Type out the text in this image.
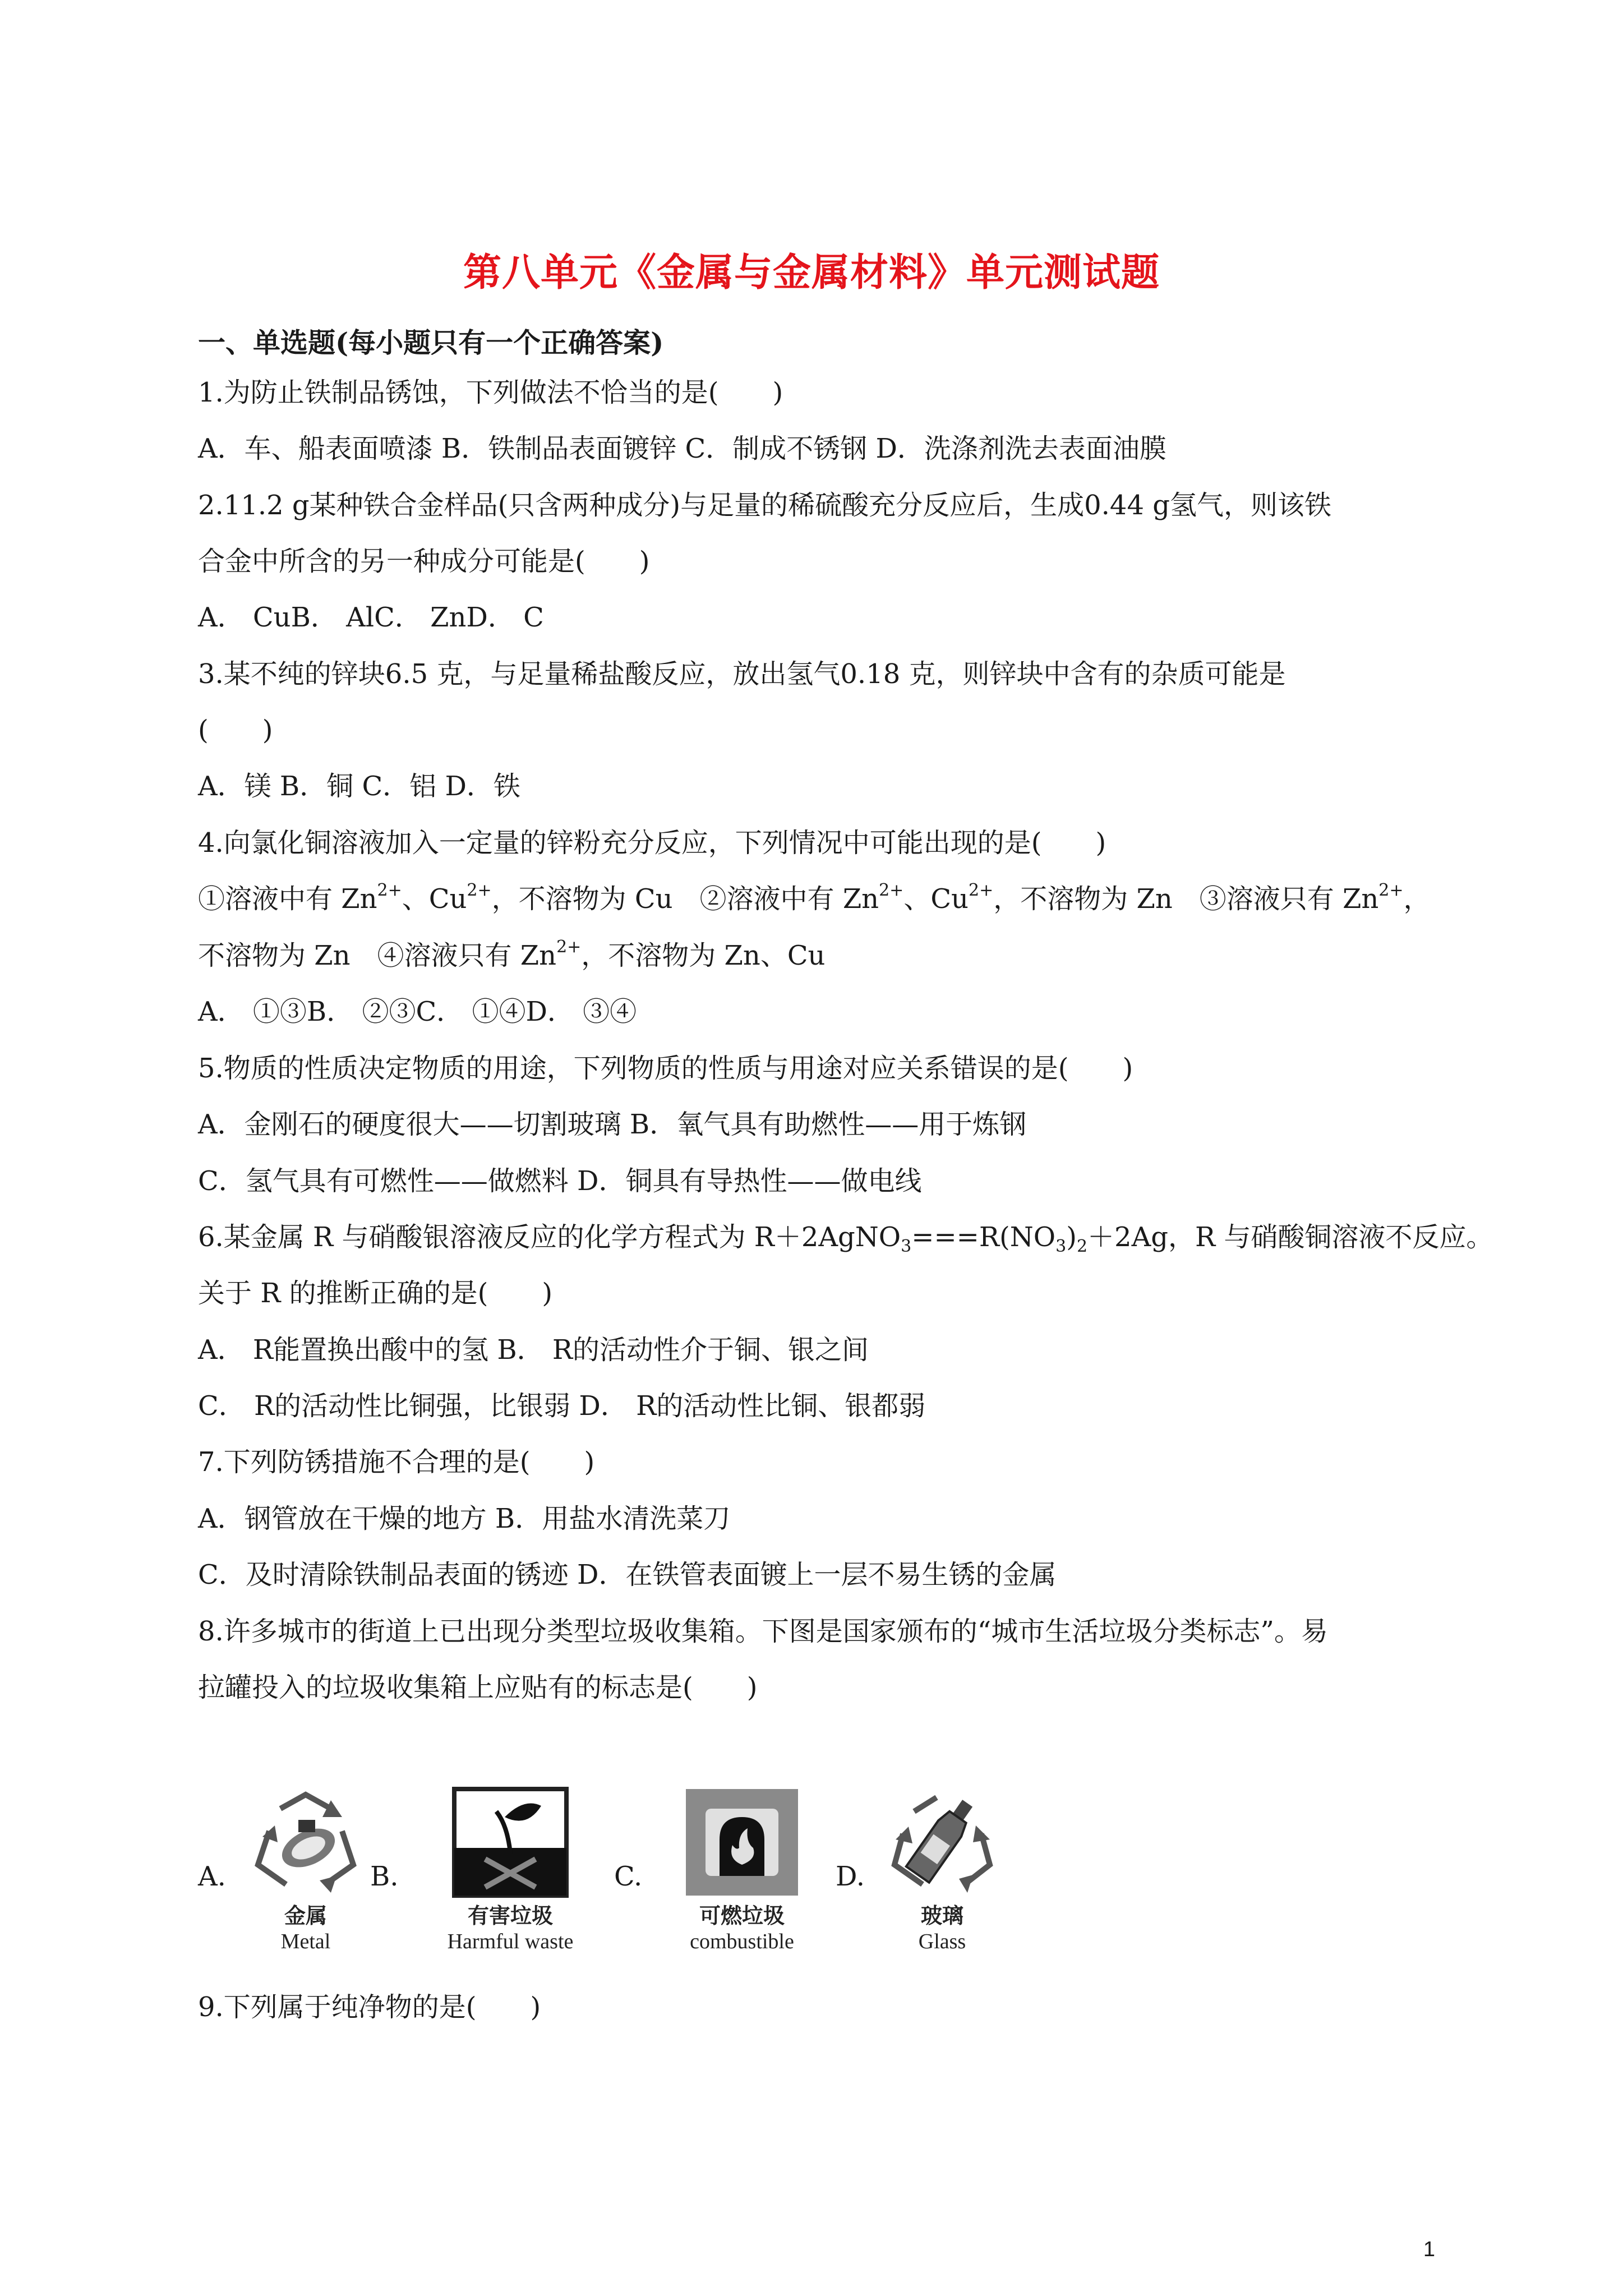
第八单元《金属与金属材料》单元测试题
一、单选题(每小题只有一个正确答案)
1.为防止铁制品锈蚀，下列做法不恰当的是(　　)
A．车、船表面喷漆 B．铁制品表面镀锌 C．制成不锈钢 D．洗涤剂洗去表面油膜
2.11.2 g某种铁合金样品(只含两种成分)与足量的稀硫酸充分反应后，生成0.44 g氢气，则该铁
合金中所含的另一种成分可能是(　　)
A． CuB． AlC． ZnD． C
3.某不纯的锌块6.5 克，与足量稀盐酸反应，放出氢气0.18 克，则锌块中含有的杂质可能是
(　　)
A．镁 B．铜 C．铝 D．铁
4.向氯化铜溶液加入一定量的锌粉充分反应，下列情况中可能出现的是(　　)
①溶液中有 $Zn^{2+}$、$Cu^{2+}$，不溶物为 Cu　②溶液中有 $Zn^{2+}$、$Cu^{2+}$，不溶物为 Zn　③溶液只有 $Zn^{2+}$，
不溶物为 Zn　④溶液只有 $Zn^{2+}$，不溶物为 Zn、Cu
A． ①③B． ②③C． ①④D． ③④
5.物质的性质决定物质的用途，下列物质的性质与用途对应关系错误的是(　　)
A．金刚石的硬度很大——切割玻璃 B．氧气具有助燃性——用于炼钢
C．氢气具有可燃性——做燃料 D．铜具有导热性——做电线
6.某金属 R 与硝酸银溶液反应的化学方程式为 $R+2AgNO_3===R(NO_3)_2+2Ag$，R 与硝酸铜溶液不反应。
关于 R 的推断正确的是(　　)
A． R能置换出酸中的氢 B． R的活动性介于铜、银之间
C． R的活动性比铜强，比银弱 D． R的活动性比铜、银都弱
7.下列防锈措施不合理的是(　　)
A．钢管放在干燥的地方 B．用盐水清洗菜刀
C．及时清除铁制品表面的锈迹 D．在铁管表面镀上一层不易生锈的金属
8.许多城市的街道上已出现分类型垃圾收集箱。下图是国家颁布的“城市生活垃圾分类标志”。易
拉罐投入的垃圾收集箱上应贴有的标志是(　　)
A.	B.	C.	D.
金属
Metal
有害垃圾
Harmful waste
可燃垃圾
combustible
玻璃
Glass
9.下列属于纯净物的是(　　)
1
